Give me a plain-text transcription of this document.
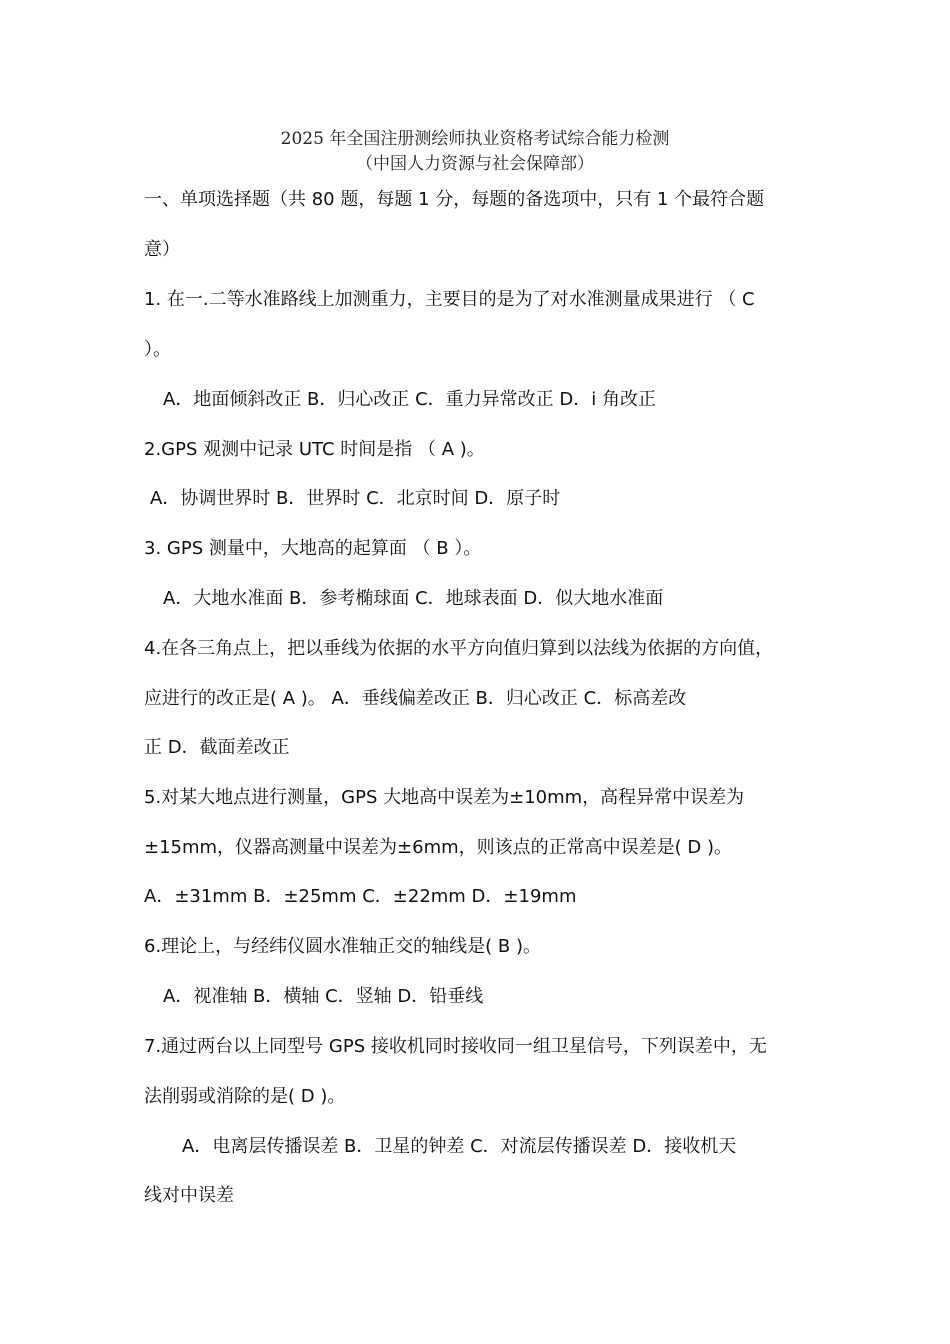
2025 年全国注册测绘师执业资格考试综合能力检测
（中国人力资源与社会保障部）
一、单项选择题（共 80 题，每题 1 分，每题的备选项中，只有 1 个最符合题
意）
1. 在一.二等水准路线上加测重力，主要目的是为了对水准测量成果进行 （ C
）。
A．地面倾斜改正 B．归心改正 C．重力异常改正 D．i 角改正
2.GPS 观测中记录 UTC 时间是指 （ A )。
A．协调世界时 B．世界时 C．北京时间 D．原子时
3. GPS 测量中，大地高的起算面 （ B ）。
A．大地水准面 B．参考椭球面 C．地球表面 D．似大地水准面
4.在各三角点上，把以垂线为依据的水平方向值归算到以法线为依据的方向值，
应进行的改正是( A )。 A．垂线偏差改正 B．归心改正 C．标高差改
正 D．截面差改正
5.对某大地点进行测量，GPS 大地高中误差为±10mm，高程异常中误差为
±15mm，仪器高测量中误差为±6mm，则该点的正常高中误差是( D )。
A．±31mm B．±25mm C．±22mm D．±19mm
6.理论上，与经纬仪圆水准轴正交的轴线是( B )。
A．视准轴 B．横轴 C．竖轴 D．铅垂线
7.通过两台以上同型号 GPS 接收机同时接收同一组卫星信号，下列误差中，无
法削弱或消除的是( D )。
A．电离层传播误差 B．卫星的钟差 C．对流层传播误差 D．接收机天
线对中误差
